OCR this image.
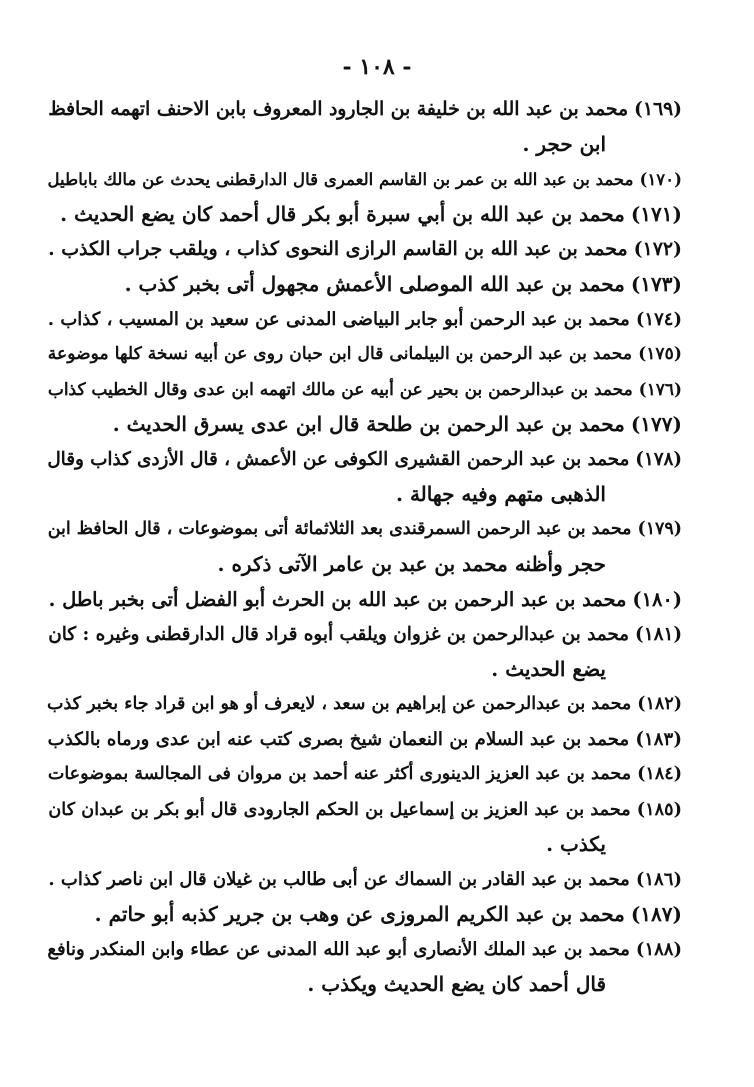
- ١٠٨ -
(١٦٩)محمد بن عبد الله بن خليفة بن الجارود المعروف بابن الاحنف اتهمه الحافظ
ابن حجر .
(١٧٠)محمد بن عبد الله بن عمر بن القاسم العمرى قال الدارقطنى يحدث عن مالك باباطيل
(١٧١)محمد بن عبد الله بن أبي سبرة أبو بكر قال أحمد كان يضع الحديث .
(١٧٢)محمد بن عبد الله بن القاسم الرازى النحوى كذاب ، ويلقب جراب الكذب .
(١٧٣)محمد بن عبد الله الموصلى الأعمش مجهول أتى بخبر كذب .
(١٧٤)محمد بن عبد الرحمن أبو جابر البياضى المدنى عن سعيد بن المسيب ، كذاب .
(١٧٥)محمد بن عبد الرحمن بن البيلمانى قال ابن حبان روى عن أبيه نسخة كلها موضوعة
(١٧٦)محمد بن عبدالرحمن بن بحير عن أبيه عن مالك اتهمه ابن عدى وقال الخطيب كذاب
(١٧٧)محمد بن عبد الرحمن بن طلحة قال ابن عدى يسرق الحديث .
(١٧٨)محمد بن عبد الرحمن القشيرى الكوفى عن الأعمش ، قال الأزدى كذاب وقال
الذهبى متهم وفيه جهالة .
(١٧٩)محمد بن عبد الرحمن السمرقندى بعد الثلاثمائة أتى بموضوعات ، قال الحافظ ابن
حجر وأظنه محمد بن عبد بن عامر الآتى ذكره .
(١٨٠)محمد بن عبد الرحمن بن عبد الله بن الحرث أبو الفضل أتى بخبر باطل .
(١٨١)محمد بن عبدالرحمن بن غزوان ويلقب أبوه قراد قال الدارقطنى وغيره : كان
يضع الحديث .
(١٨٢)محمد بن عبدالرحمن عن إبراهيم بن سعد ، لايعرف أو هو ابن قراد جاء بخبر كذب
(١٨٣)محمد بن عبد السلام بن النعمان شيخ بصرى كتب عنه ابن عدى ورماه بالكذب
(١٨٤)محمد بن عبد العزيز الدينورى أكثر عنه أحمد بن مروان فى المجالسة بموضوعات
(١٨٥)محمد بن عبد العزيز بن إسماعيل بن الحكم الجارودى قال أبو بكر بن عبدان كان
يكذب .
(١٨٦)محمد بن عبد القادر بن السماك عن أبى طالب بن غيلان قال ابن ناصر كذاب .
(١٨٧)محمد بن عبد الكريم المروزى عن وهب بن جرير كذبه أبو حاتم .
(١٨٨)محمد بن عبد الملك الأنصارى أبو عبد الله المدنى عن عطاء وابن المنكدر ونافع
قال أحمد كان يضع الحديث ويكذب .
